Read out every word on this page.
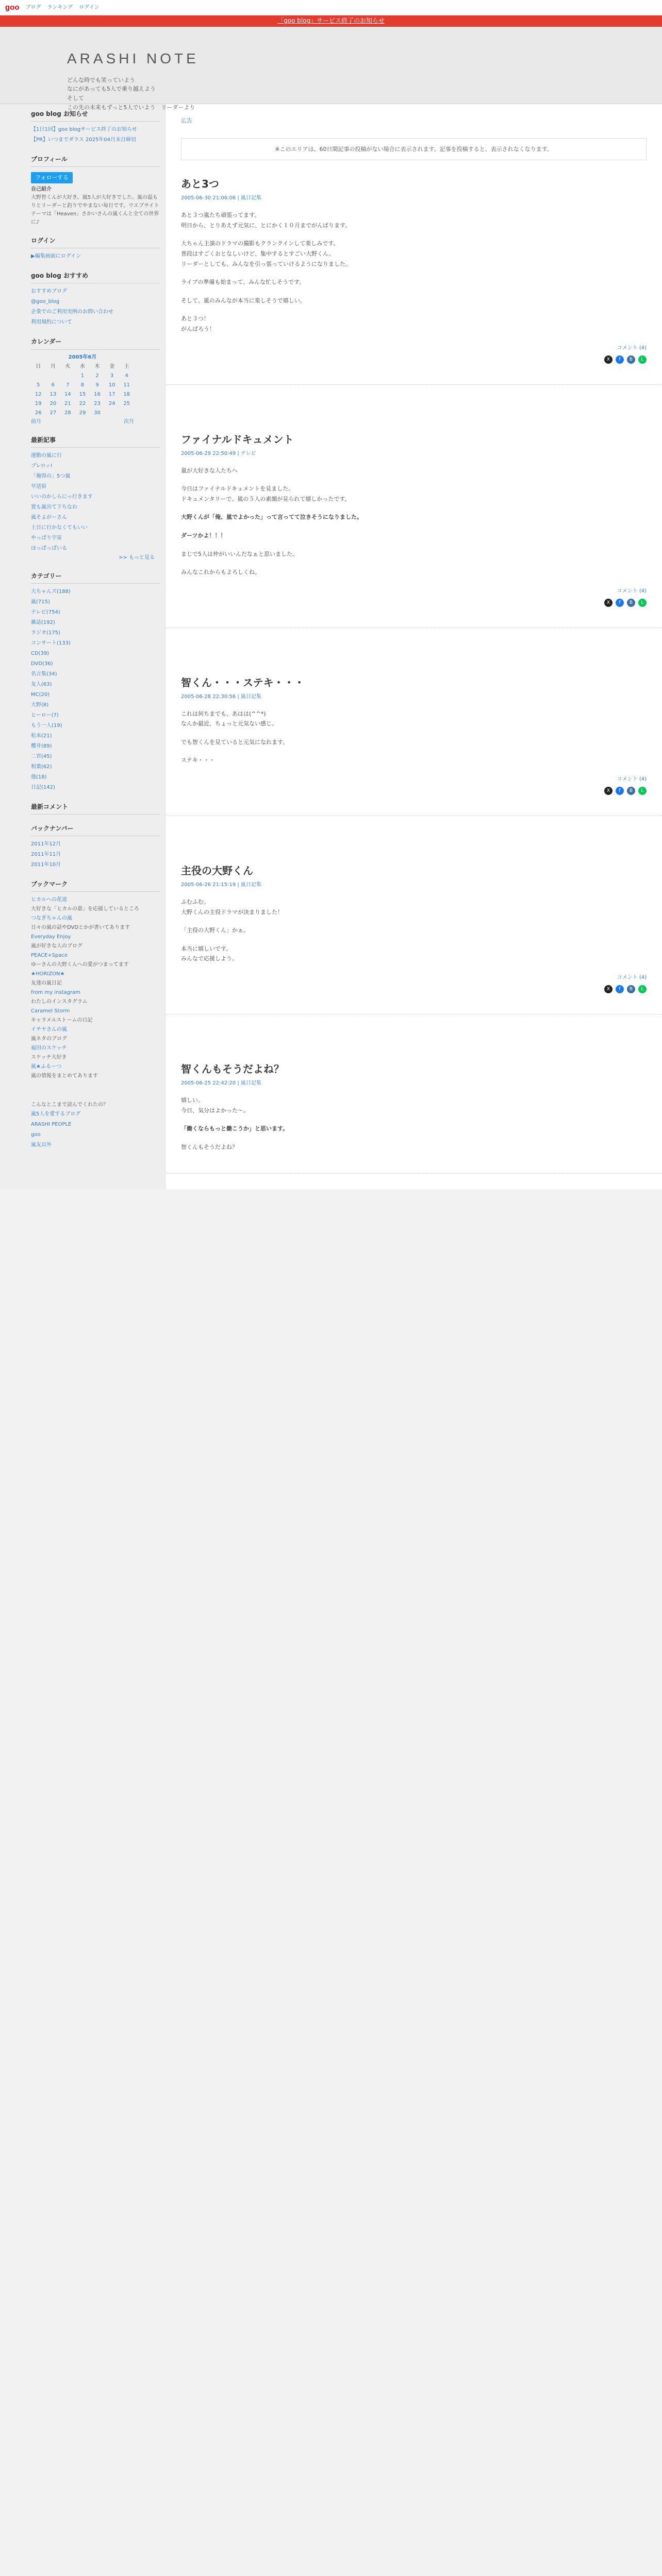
goo ブログ ランキング ログイン
「goo blog」サービス終了のお知らせ
ARASHI NOTE
どんな時でも笑っていよう
なにがあっても5人で乗り越えよう
そして
この先の未来もずっと5人でいよう　リーダーより
goo blog お知らせ
【1日1回】goo blogサービス終了のお知らせ
【PR】いつまでダラス 2025年04月末日締切
プロフィール
フォローする
自己紹介
大野智くんが大好き。嵐5人が大好きでした。嵐の温もりとリーダーと釣りでやまない毎日です。ウエブサイトテーマは「Heaven」さかいさんの嵐くんと全ての世界に♪
ログイン
▶編集画面にログイン
goo blog おすすめ
おすすめブログ
@goo_blog
企業でのご利用実例のお問い合わせ
利用規約について
カレンダー
2005年6月						
日	月	火	水	木	金	土
			1	2	3	4
5	6	7	8	9	10	11
12	13	14	15	16	17	18
19	20	21	22	23	24	25
26	27	28	29	30		
前月	次月
最新記事
運動の嵐に行
プレ!!ッ!
「俺得の」5つ嵐
早送宿
いいのかしらにっ行きます
置も嵐出て下ちなわ
嵐そよがーさん
土日に行かなくてもいい
やっぱり宇宙
ほっぱっぱいる
>> もっと見る
カテゴリー
大ちゃんズ(188)
嵐(715)
テレビ(754)
雑誌(192)
ラジオ(175)
コンサート(133)
CD(39)
DVD(36)
名言集(34)
友人(63)
MC(20)
大野(8)
ヒーロー(7)
もう一人(19)
松本(21)
櫻井(89)
二宮(45)
相葉(62)
他(18)
日記(142)
最新コメント
バックナンバー
2011年12月
2011年11月
2011年10月
ブックマーク
ヒカルへの花道
大好きな「ヒカルの碁」を応援しているところ
つなぎちゃんの嵐
日々の嵐の話やDVDとかが書いてあります
Everyday Enjoy
嵐が好きな人のブログ
PEACE+Space
ゆーさんの大野くんへの愛がつまってます
★HORIZON★
友達の嵐日記
from my instagram
わたしのインスタグラム
Caramel Storm
キャラメルストームの日記
イチヤさんの嵐
嵐ネタのブログ
福田のスケッチ
スケッチ大好き
嵐★ふるーつ
嵐の情報をまとめてあります
こんなとこまで読んでくれたの？
嵐5人を愛するブログ
ARASHI PEOPLE
goo
嵐友以外
広告
※このエリアは、60日間記事の投稿がない場合に表示されます。記事を投稿すると、表示されなくなります。
あと3つ
2005-06-30 21:06:06 | 嵐日記集

あと３つ嵐たち頑張ってます。

明日から、とりあえず元気に、とにかく１０月までがんばります。

大ちゃん主演のドラマの撮影もクランクインして楽しみです。

普段はすごくおとなしいけど、集中するとすごい大野くん。

リーダーとしても、みんなを引っ張っていけるようになりました。

ライブの準備も始まって、みんな忙しそうです。

そして、嵐のみんなが本当に楽しそうで嬉しい。

あと３つ！

がんばろう！

コメント (4)
X	f	B	L
ファイナルドキュメント
2005-06-29 22:50:49 | テレビ

嵐が大好きな人たちへ

今日はファイナルドキュメントを見ました。

ドキュメンタリーで、嵐の５人の素顔が見られて嬉しかったです。

大野くんが「俺、嵐でよかった」って言ってて泣きそうになりました。

ダーツかよ！！！

まじで5人は仲がいいんだなぁと思いました。

みんなこれからもよろしくね。

コメント (4)
X	f	B	L
智くん・・・ステキ・・・
2005-06-28 22:30:56 | 嵐日記集

これは何ちまでも、あはは(^^*)

なんか最近、ちょっと元気ない感じ。

でも智くんを見ていると元気になれます。

ステキ・・・

コメント (4)
X	f	B	L
主役の大野くん
2005-06-26 21:15:19 | 嵐日記集

ふむふむ。

大野くんの主役ドラマが決まりました！

「主役の大野くん」かぁ。

本当に嬉しいです。

みんなで応援しよう。

コメント (4)
X	f	B	L
智くんもそうだよね？
2005-06-25 22:42:20 | 嵐日記集

嬉しい。

今日、気分はよかった〜。

「働くならもっと働こうか」と思います。

智くんもそうだよね？
